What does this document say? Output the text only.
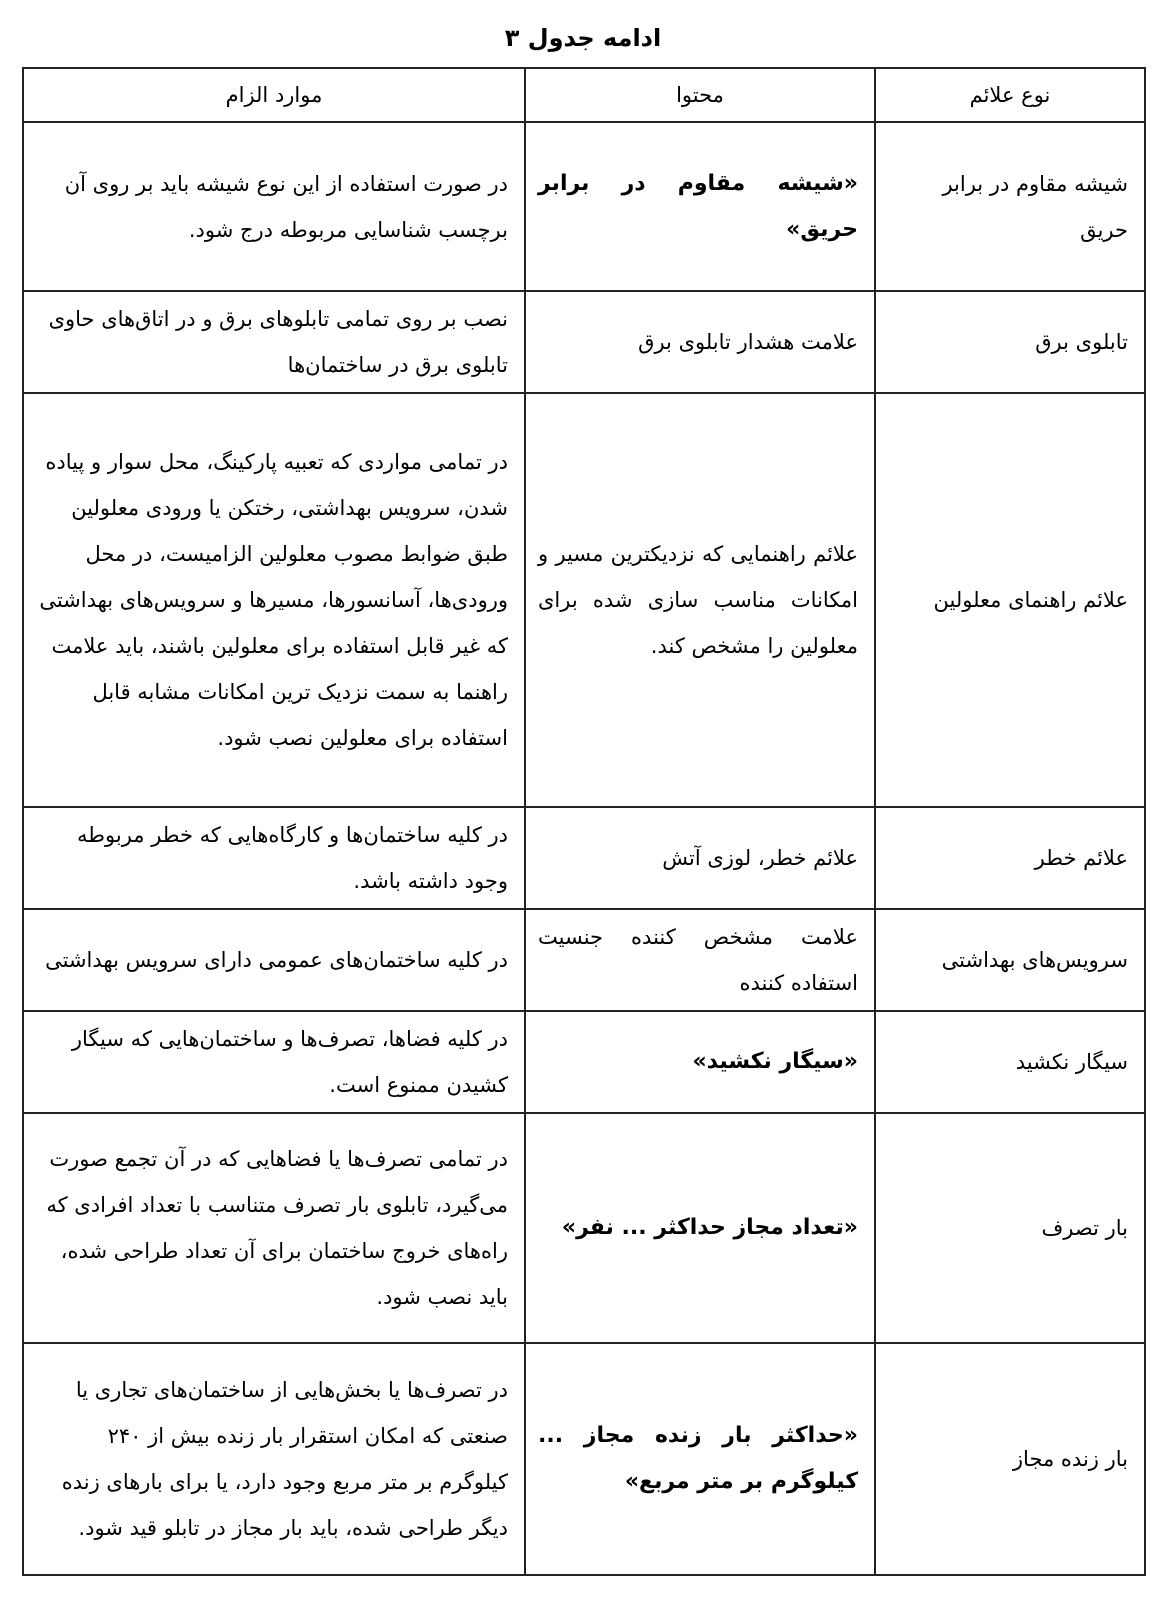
ادامه جدول ۳
نوع علائم	محتوا	موارد الزام
شیشه مقاوم در برابر حریق	«شیشه مقاوم در برابر حریق»	در صورت استفاده از این نوع شیشه باید بر روی آن برچسب شناسایی مربوطه درج شود.
تابلوی برق	علامت هشدار تابلوی برق	نصب بر روی تمامی تابلوهای برق و در اتاق‌های حاوی تابلوی برق در ساختمان‌ها
علائم راهنمای معلولین	علائم راهنمایی که نزدیکترین مسیر و امکانات مناسب سازی شده برای معلولین را مشخص کند.	در تمامی مواردی که تعبیه پارکینگ، محل سوار و پیاده شدن، سرویس بهداشتی، رختکن یا ورودی معلولین طبق ضوابط مصوب معلولین الزامیست، در محل ورودی‌ها، آسانسورها، مسیرها و سرویس‌های بهداشتی که غیر قابل استفاده برای معلولین باشند، باید علامت راهنما به سمت نزدیک ترین امکانات مشابه قابل استفاده برای معلولین نصب شود.
علائم خطر	علائم خطر، لوزی آتش	در کلیه ساختمان‌ها و کارگاه‌هایی که خطر مربوطه وجود داشته باشد.
سرویس‌های بهداشتی	علامت مشخص کننده جنسیت استفاده کننده	در کلیه ساختمان‌های عمومی دارای سرویس بهداشتی
سیگار نکشید	«سیگار نکشید»	در کلیه فضاها، تصرف‌ها و ساختمان‌هایی که سیگار کشیدن ممنوع است.
بار تصرف	«تعداد مجاز حداکثر ... نفر»	در تمامی تصرف‌ها یا فضاهایی که در آن تجمع صورت می‌گیرد، تابلوی بار تصرف متناسب با تعداد افرادی که راه‌های خروج ساختمان برای آن تعداد طراحی شده، باید نصب شود.
بار زنده مجاز	«حداکثر بار زنده مجاز ... کیلوگرم بر متر مربع»	در تصرف‌ها یا بخش‌هایی از ساختمان‌های تجاری یا صنعتی که امکان استقرار بار زنده بیش از ۲۴۰ کیلوگرم بر متر مربع وجود دارد، یا برای بارهای زنده دیگر طراحی شده، باید بار مجاز در تابلو قید شود.
